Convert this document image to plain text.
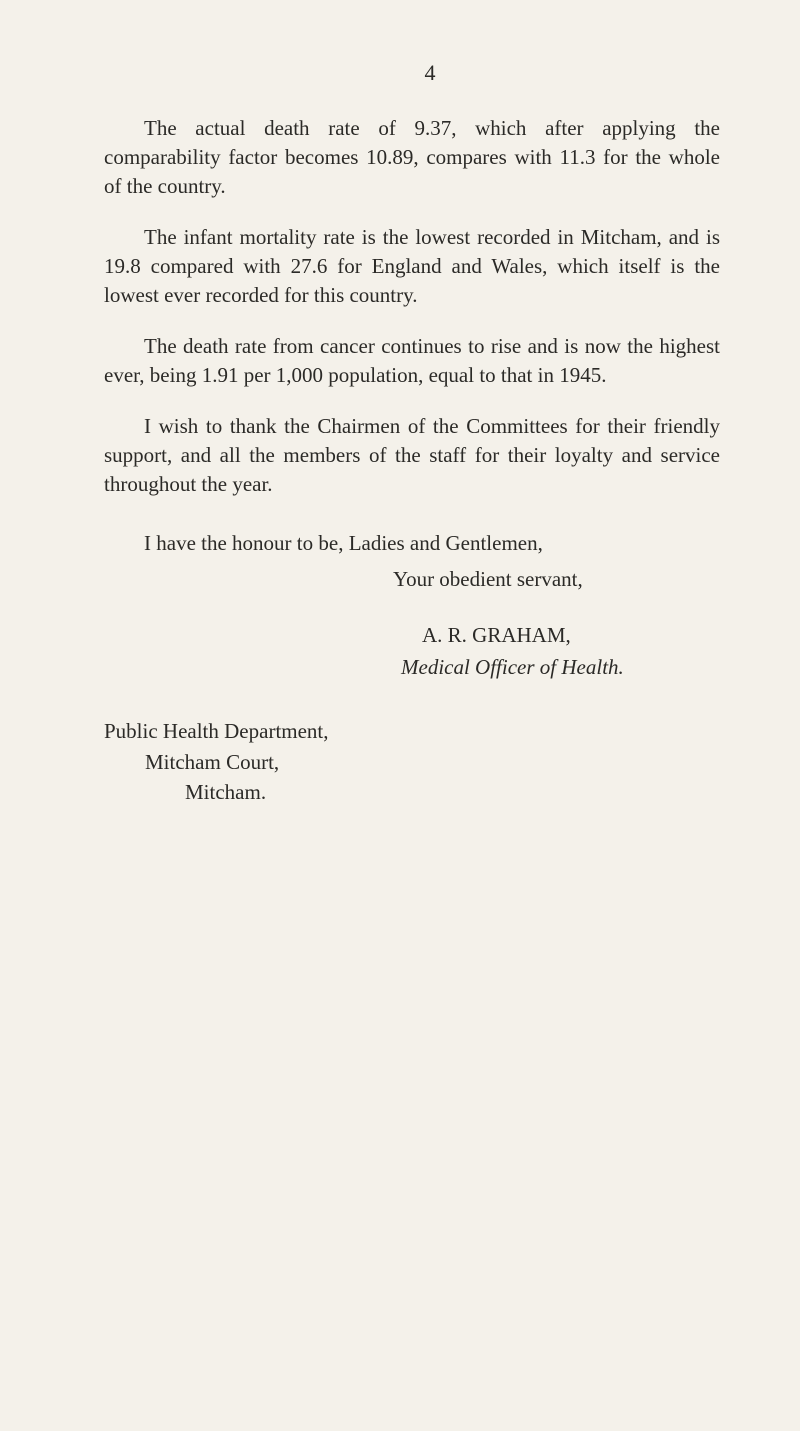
4

The actual death rate of 9.37, which after applying the comparability factor becomes 10.89, compares with 11.3 for the whole of the country.

The infant mortality rate is the lowest recorded in Mitcham, and is 19.8 compared with 27.6 for England and Wales, which itself is the lowest ever recorded for this country.

The death rate from cancer continues to rise and is now the highest ever, being 1.91 per 1,000 population, equal to that in 1945.

I wish to thank the Chairmen of the Committees for their friendly support, and all the members of the staff for their loyalty and service throughout the year.

I have the honour to be, Ladies and Gentlemen,

Your obedient servant,
A. R. GRAHAM,
Medical Officer of Health.
Public Health Department,
Mitcham Court,
Mitcham.
